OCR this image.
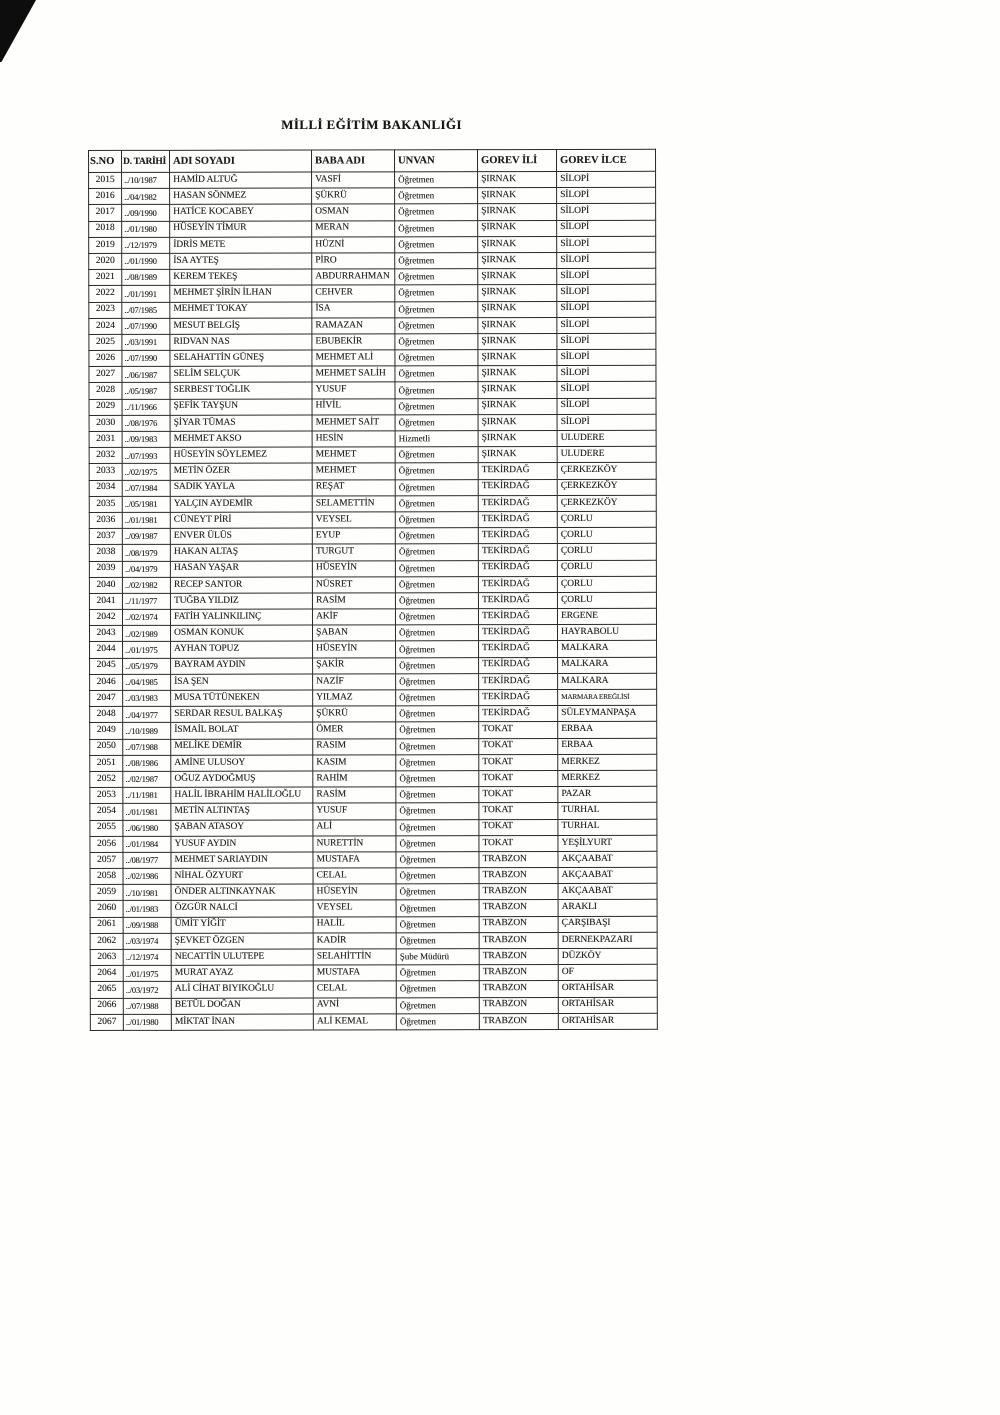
MİLLİ EĞİTİM BAKANLIĞI
S.NO	D. TARİHİ	ADI SOYADI	BABA ADI	UNVAN	GOREV İLİ	GOREV İLCE
2015	../10/1987	HAMİD ALTUĞ	VASFİ	Öğretmen	ŞIRNAK	SİLOPİ
2016	../04/1982	HASAN SÖNMEZ	ŞÜKRÜ	Öğretmen	ŞIRNAK	SİLOPİ
2017	../09/1990	HATİCE KOCABEY	OSMAN	Öğretmen	ŞIRNAK	SİLOPİ
2018	../01/1980	HÜSEYİN TİMUR	MERAN	Öğretmen	ŞIRNAK	SİLOPİ
2019	../12/1979	İDRİS METE	HÜZNİ	Öğretmen	ŞIRNAK	SİLOPİ
2020	../01/1990	İSA AYTEŞ	PİRO	Öğretmen	ŞIRNAK	SİLOPİ
2021	../08/1989	KEREM TEKEŞ	ABDURRAHMAN	Öğretmen	ŞIRNAK	SİLOPİ
2022	../01/1991	MEHMET ŞİRİN İLHAN	CEHVER	Öğretmen	ŞIRNAK	SİLOPİ
2023	../07/1985	MEHMET TOKAY	İSA	Öğretmen	ŞIRNAK	SİLOPİ
2024	../07/1990	MESUT BELGİŞ	RAMAZAN	Öğretmen	ŞIRNAK	SİLOPİ
2025	../03/1991	RIDVAN NAS	EBUBEKİR	Öğretmen	ŞIRNAK	SİLOPİ
2026	../07/1990	SELAHATTİN GÜNEŞ	MEHMET ALİ	Öğretmen	ŞIRNAK	SİLOPİ
2027	../06/1987	SELİM SELÇUK	MEHMET SALİH	Öğretmen	ŞIRNAK	SİLOPİ
2028	../05/1987	SERBEST TOĞLIK	YUSUF	Öğretmen	ŞIRNAK	SİLOPİ
2029	../11/1966	ŞEFİK TAYŞUN	HİVİL	Öğretmen	ŞIRNAK	SİLOPİ
2030	../08/1976	ŞİYAR TÜMAS	MEHMET SAİT	Öğretmen	ŞIRNAK	SİLOPİ
2031	../09/1983	MEHMET AKSO	HESİN	Hizmetli	ŞIRNAK	ULUDERE
2032	../07/1993	HÜSEYİN SÖYLEMEZ	MEHMET	Öğretmen	ŞIRNAK	ULUDERE
2033	../02/1975	METİN ÖZER	MEHMET	Öğretmen	TEKİRDAĞ	ÇERKEZKÖY
2034	../07/1984	SADIK YAYLA	REŞAT	Öğretmen	TEKİRDAĞ	ÇERKEZKÖY
2035	../05/1981	YALÇIN AYDEMİR	SELAMETTİN	Öğretmen	TEKİRDAĞ	ÇERKEZKÖY
2036	../01/1981	CÜNEYT PİRİ	VEYSEL	Öğretmen	TEKİRDAĞ	ÇORLU
2037	../09/1987	ENVER ÜLÜS	EYUP	Öğretmen	TEKİRDAĞ	ÇORLU
2038	../08/1979	HAKAN ALTAŞ	TURGUT	Öğretmen	TEKİRDAĞ	ÇORLU
2039	../04/1979	HASAN YAŞAR	HÜSEYİN	Öğretmen	TEKİRDAĞ	ÇORLU
2040	../02/1982	RECEP SANTOR	NÜSRET	Öğretmen	TEKİRDAĞ	ÇORLU
2041	../11/1977	TUĞBA YILDIZ	RASİM	Öğretmen	TEKİRDAĞ	ÇORLU
2042	../02/1974	FATİH YALINKILINÇ	AKİF	Öğretmen	TEKİRDAĞ	ERGENE
2043	../02/1989	OSMAN KONUK	ŞABAN	Öğretmen	TEKİRDAĞ	HAYRABOLU
2044	../01/1975	AYHAN TOPUZ	HÜSEYİN	Öğretmen	TEKİRDAĞ	MALKARA
2045	../05/1979	BAYRAM AYDIN	ŞAKİR	Öğretmen	TEKİRDAĞ	MALKARA
2046	../04/1985	İSA ŞEN	NAZİF	Öğretmen	TEKİRDAĞ	MALKARA
2047	../03/1983	MUSA TÜTÜNEKEN	YILMAZ	Öğretmen	TEKİRDAĞ	MARMARA EREĞLİSİ
2048	../04/1977	SERDAR RESUL BALKAŞ	ŞÜKRÜ	Öğretmen	TEKİRDAĞ	SÜLEYMANPAŞA
2049	../10/1989	İSMAİL BOLAT	ÖMER	Öğretmen	TOKAT	ERBAA
2050	../07/1988	MELİKE DEMİR	RASIM	Öğretmen	TOKAT	ERBAA
2051	../08/1986	AMİNE ULUSOY	KASIM	Öğretmen	TOKAT	MERKEZ
2052	../02/1987	OĞUZ AYDOĞMUŞ	RAHİM	Öğretmen	TOKAT	MERKEZ
2053	../11/1981	HALİL İBRAHİM HALİLOĞLU	RASİM	Öğretmen	TOKAT	PAZAR
2054	../01/1981	METİN ALTINTAŞ	YUSUF	Öğretmen	TOKAT	TURHAL
2055	../06/1980	ŞABAN ATASOY	ALİ	Öğretmen	TOKAT	TURHAL
2056	../01/1984	YUSUF AYDIN	NURETTİN	Öğretmen	TOKAT	YEŞİLYURT
2057	../08/1977	MEHMET SARIAYDIN	MUSTAFA	Öğretmen	TRABZON	AKÇAABAT
2058	../02/1986	NİHAL ÖZYURT	CELAL	Öğretmen	TRABZON	AKÇAABAT
2059	../10/1981	ÖNDER ALTINKAYNAK	HÜSEYİN	Öğretmen	TRABZON	AKÇAABAT
2060	../01/1983	ÖZGÜR NALCİ	VEYSEL	Öğretmen	TRABZON	ARAKLI
2061	../09/1988	ÜMİT YİĞİT	HALİL	Öğretmen	TRABZON	ÇARŞIBAŞI
2062	../03/1974	ŞEVKET ÖZGEN	KADİR	Öğretmen	TRABZON	DERNEKPAZARI
2063	../12/1974	NECATTİN ULUTEPE	SELAHİTTİN	Şube Müdürü	TRABZON	DÜZKÖY
2064	../01/1975	MURAT AYAZ	MUSTAFA	Öğretmen	TRABZON	OF
2065	../03/1972	ALİ CİHAT BIYIKOĞLU	CELAL	Öğretmen	TRABZON	ORTAHİSAR
2066	../07/1988	BETÜL DOĞAN	AVNİ	Öğretmen	TRABZON	ORTAHİSAR
2067	../01/1980	MİKTAT İNAN	ALİ KEMAL	Öğretmen	TRABZON	ORTAHİSAR
